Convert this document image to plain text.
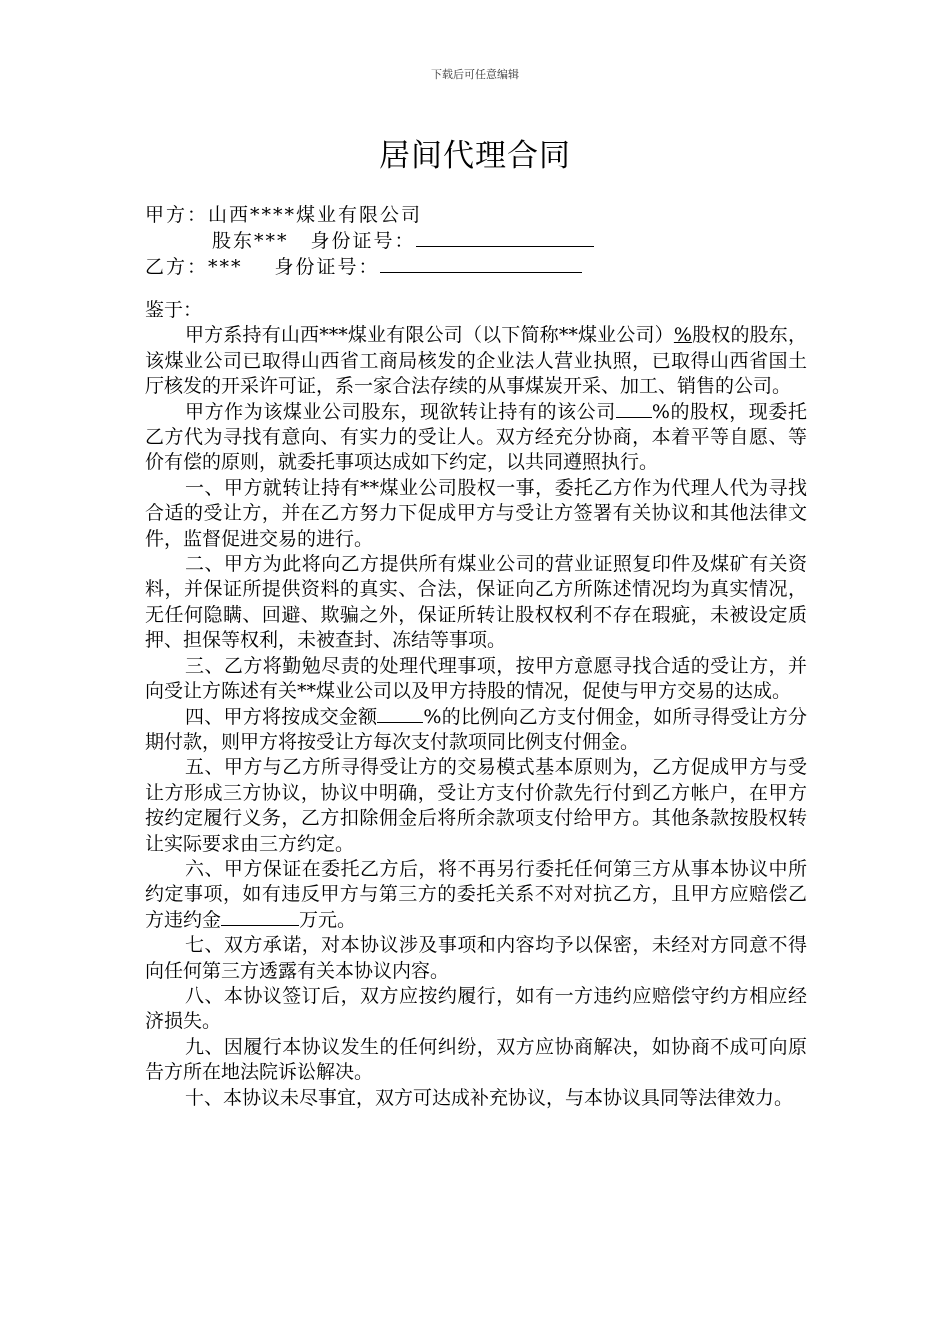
下载后可任意编辑
居间代理合同
甲方：山西****煤业有限公司
股东*** 身份证号：
乙方：*** 身份证号：

鉴于：

甲方系持有山西***煤业有限公司（以下简称**煤业公司）%股权的股东，该煤业公司已取得山西省工商局核发的企业法人营业执照，已取得山西省国土厅核发的开采许可证，系一家合法存续的从事煤炭开采、加工、销售的公司。

甲方作为该煤业公司股东，现欲转让持有的该公司 %的股权，现委托乙方代为寻找有意向、有实力的受让人。双方经充分协商，本着平等自愿、等价有偿的原则，就委托事项达成如下约定，以共同遵照执行。

一、甲方就转让持有**煤业公司股权一事，委托乙方作为代理人代为寻找合适的受让方，并在乙方努力下促成甲方与受让方签署有关协议和其他法律文件，监督促进交易的进行。

二、甲方为此将向乙方提供所有煤业公司的营业证照复印件及煤矿有关资料，并保证所提供资料的真实、合法，保证向乙方所陈述情况均为真实情况，无任何隐瞒、回避、欺骗之外，保证所转让股权权利不存在瑕疵，未被设定质押、担保等权利，未被查封、冻结等事项。

三、乙方将勤勉尽责的处理代理事项，按甲方意愿寻找合适的受让方，并向受让方陈述有关**煤业公司以及甲方持股的情况，促使与甲方交易的达成。

四、甲方将按成交金额 %的比例向乙方支付佣金，如所寻得受让方分期付款，则甲方将按受让方每次支付款项同比例支付佣金。

五、甲方与乙方所寻得受让方的交易模式基本原则为，乙方促成甲方与受让方形成三方协议，协议中明确，受让方支付价款先行付到乙方帐户，在甲方按约定履行义务，乙方扣除佣金后将所余款项支付给甲方。其他条款按股权转让实际要求由三方约定。

六、甲方保证在委托乙方后，将不再另行委托任何第三方从事本协议中所约定事项，如有违反甲方与第三方的委托关系不对对抗乙方，且甲方应赔偿乙方违约金	万元。

七、双方承诺，对本协议涉及事项和内容均予以保密，未经对方同意不得向任何第三方透露有关本协议内容。

八、本协议签订后，双方应按约履行，如有一方违约应赔偿守约方相应经济损失。

九、因履行本协议发生的任何纠纷，双方应协商解决，如协商不成可向原告方所在地法院诉讼解决。

十、本协议未尽事宜，双方可达成补充协议，与本协议具同等法律效力。
